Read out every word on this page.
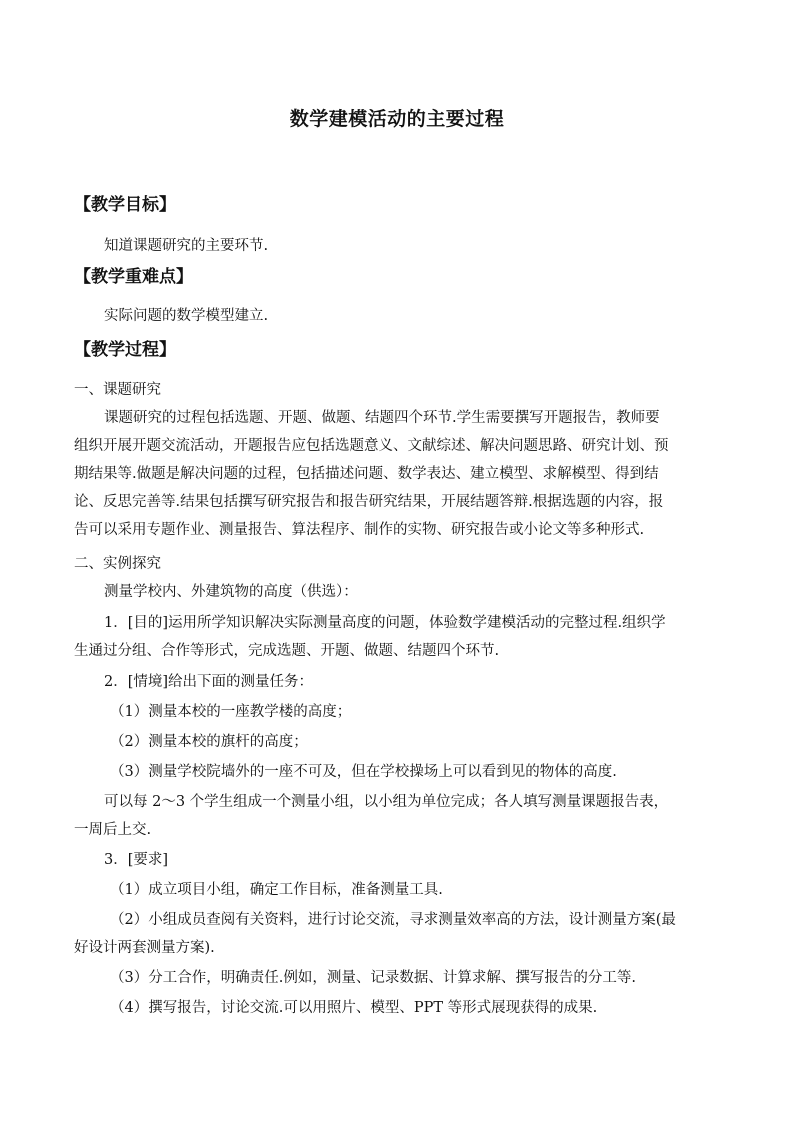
数学建模活动的主要过程
【教学目标】
知道课题研究的主要环节.
【教学重难点】
实际问题的数学模型建立.
【教学过程】
一、课题研究
课题研究的过程包括选题、开题、做题、结题四个环节.学生需要撰写开题报告，教师要
组织开展开题交流活动，开题报告应包括选题意义、文献综述、解决问题思路、研究计划、预
期结果等.做题是解决问题的过程，包括描述问题、数学表达、建立模型、求解模型、得到结
论、反思完善等.结果包括撰写研究报告和报告研究结果，开展结题答辩.根据选题的内容，报
告可以采用专题作业、测量报告、算法程序、制作的实物、研究报告或小论文等多种形式.
二、实例探究
测量学校内、外建筑物的高度（供选）：
1．[目的]运用所学知识解决实际测量高度的问题，体验数学建模活动的完整过程.组织学
生通过分组、合作等形式，完成选题、开题、做题、结题四个环节.
2．[情境]给出下面的测量任务：
（1）测量本校的一座教学楼的高度；
（2）测量本校的旗杆的高度；
（3）测量学校院墙外的一座不可及，但在学校操场上可以看到见的物体的高度.
可以每 2～3 个学生组成一个测量小组，以小组为单位完成；各人填写测量课题报告表，
一周后上交.
3．[要求]
（1）成立项目小组，确定工作目标，准备测量工具.
（2）小组成员查阅有关资料，进行讨论交流，寻求测量效率高的方法，设计测量方案(最
好设计两套测量方案).
（3）分工合作，明确责任.例如，测量、记录数据、计算求解、撰写报告的分工等.
（4）撰写报告，讨论交流.可以用照片、模型、PPT 等形式展现获得的成果.
